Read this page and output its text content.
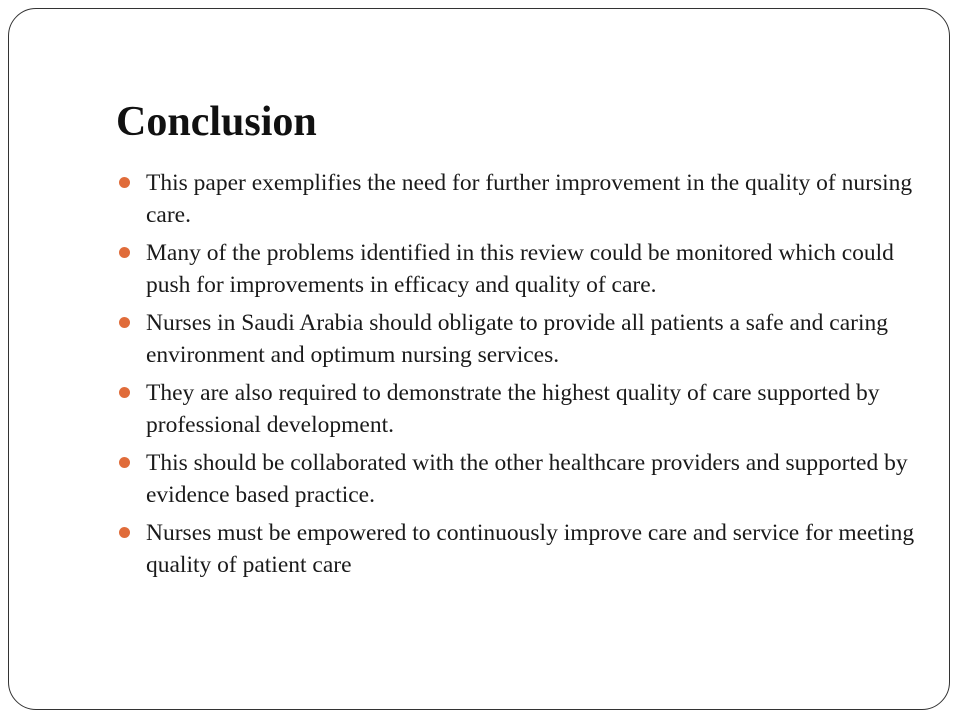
Conclusion
This paper exemplifies the need for further improvement in the quality of nursing care.
Many of the problems identified in this review could be monitored which could push for improvements in efficacy and quality of care.
Nurses in Saudi Arabia should obligate to provide all patients a safe and caring environment and optimum nursing services.
They are also required to demonstrate the highest quality of care supported by professional development.
This should be collaborated with the other healthcare providers and supported by evidence based practice.
Nurses must be empowered to continuously improve care and service for meeting quality of patient care
